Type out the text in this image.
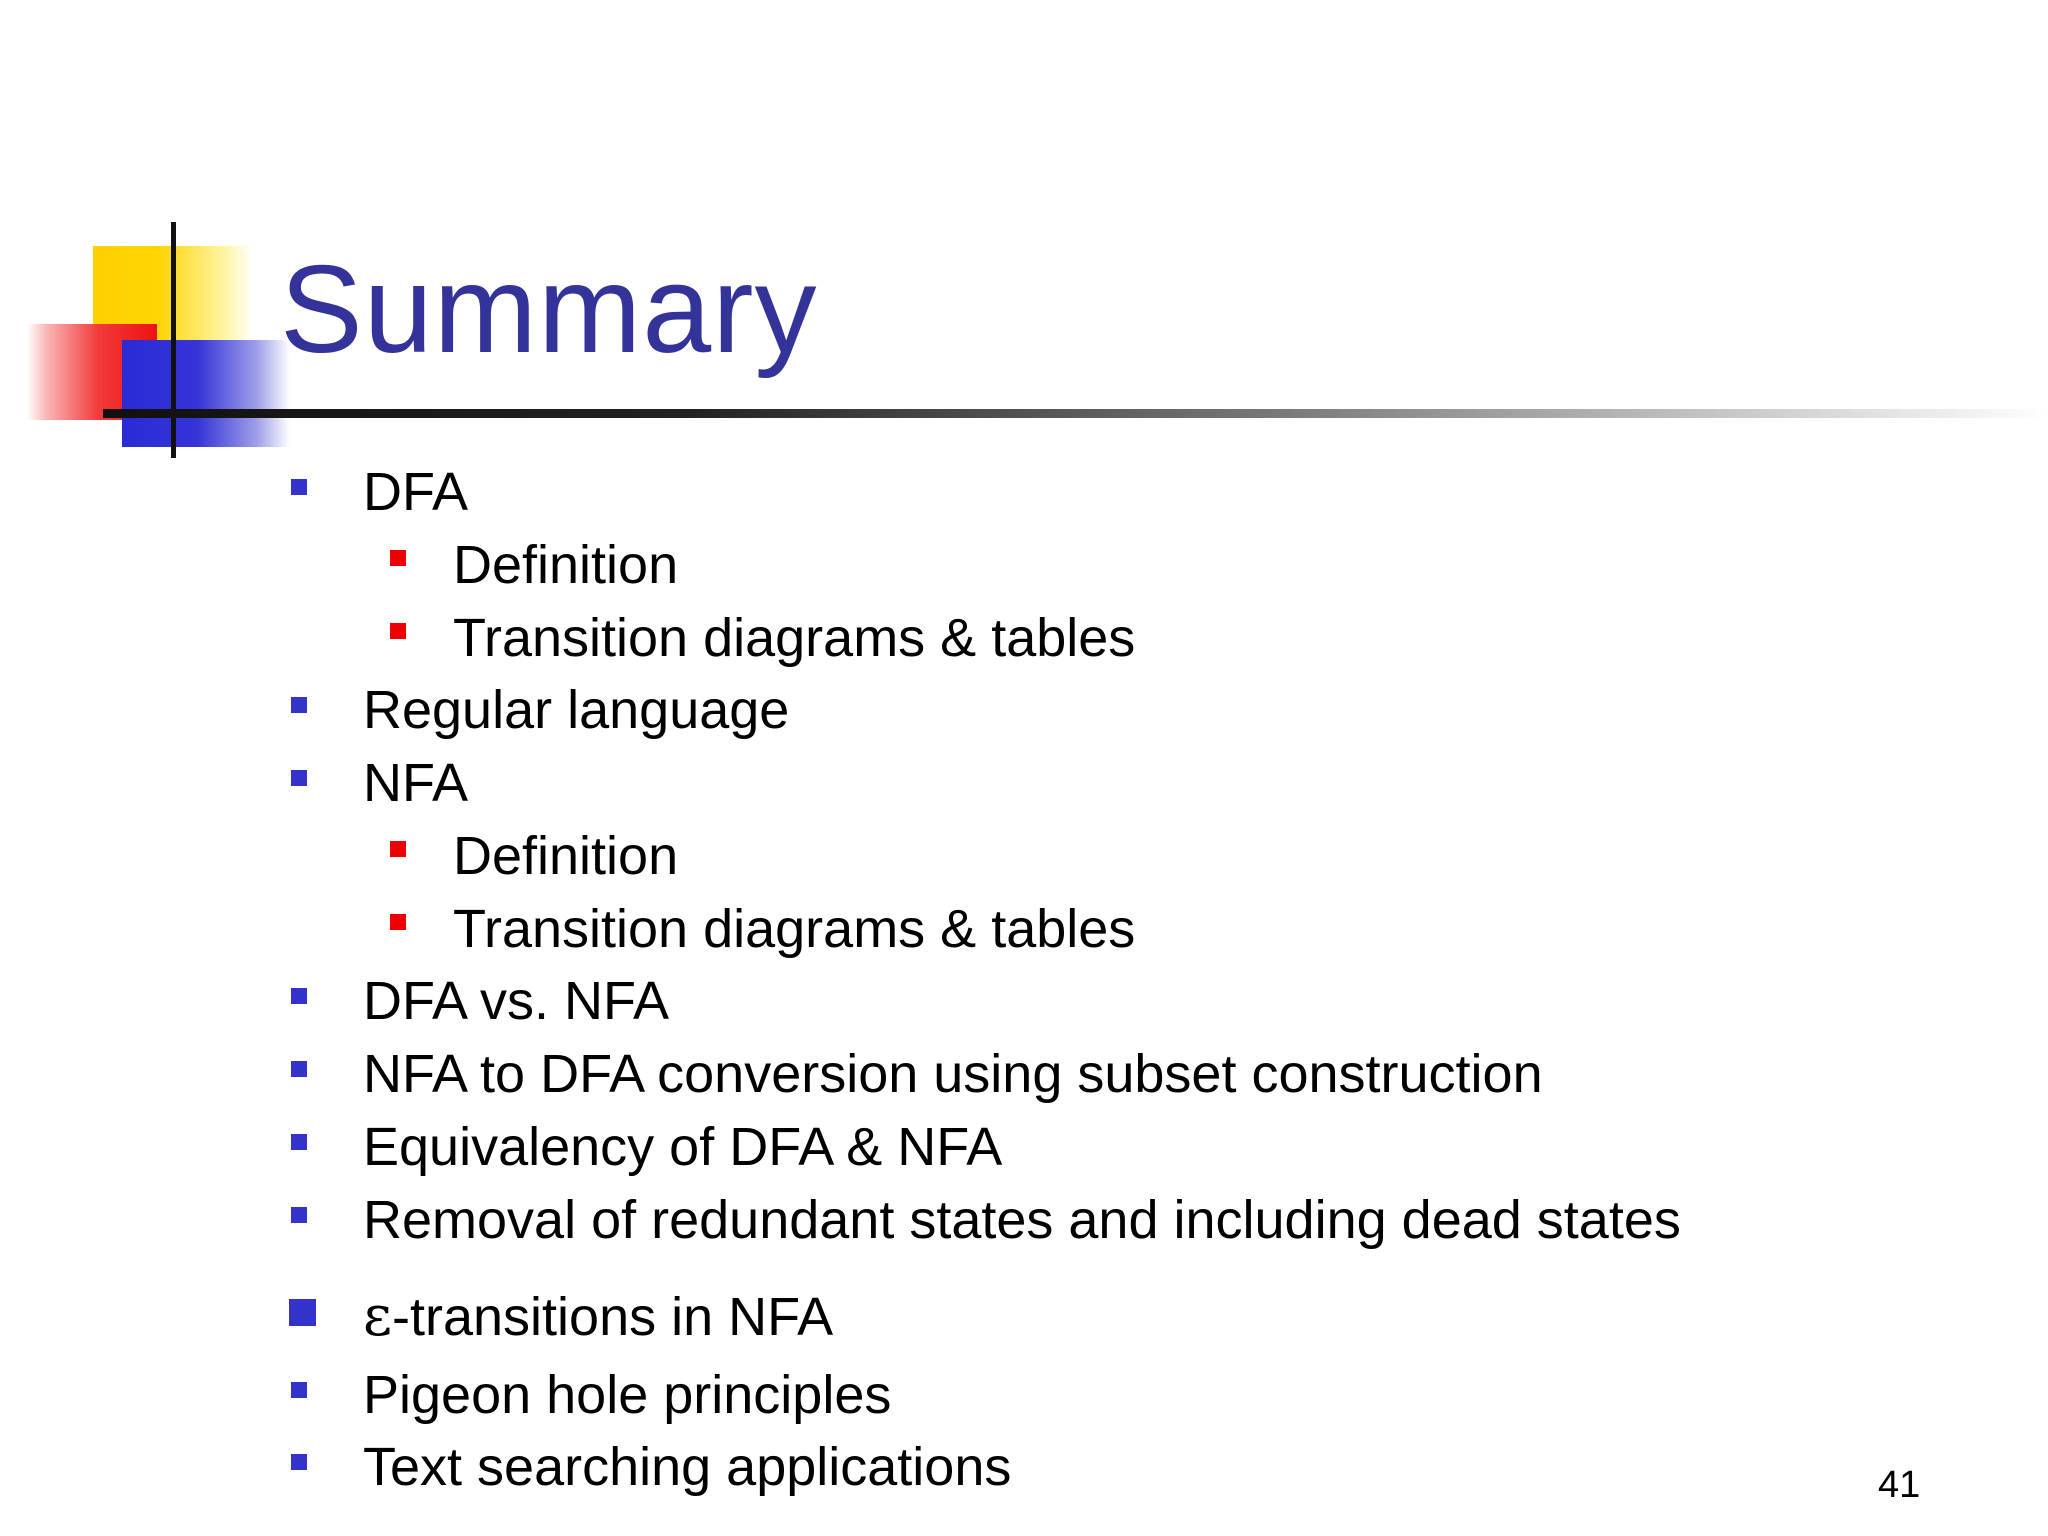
Summary
DFA
Definition
Transition diagrams & tables
Regular language
NFA
Definition
Transition diagrams & tables
DFA vs. NFA
NFA to DFA conversion using subset construction
Equivalency of DFA & NFA
Removal of redundant states and including dead states
ε-transitions in NFA
Pigeon hole principles
Text searching applications	41
